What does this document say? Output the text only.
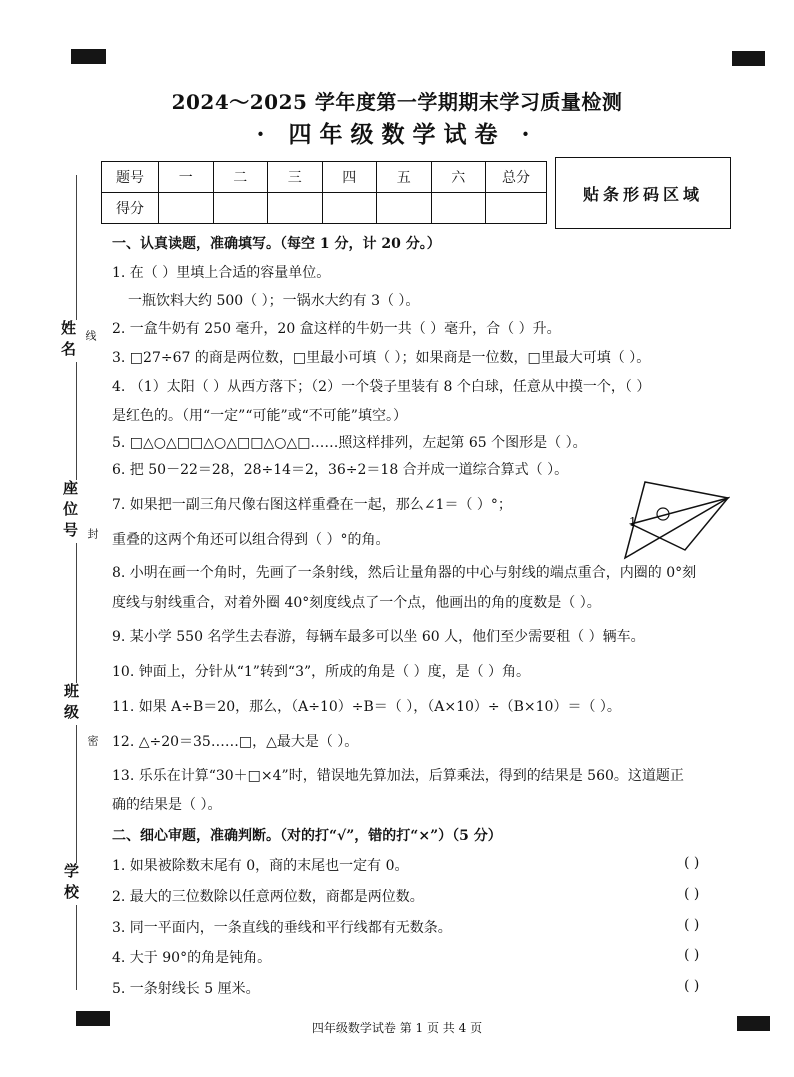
2024～2025 学年度第一学期期末学习质量检测
· 四年级数学试卷 ·
题号	一	二	三	四	五	六	总分
得分							
贴条形码区域
姓名 线
座位号 封
班级
密
学校
一、认真读题，准确填写。（每空 1 分，计 20 分。）
1. 在（ ）里填上合适的容量单位。
一瓶饮料大约 500（ ）；一锅水大约有 3（ ）。
2. 一盒牛奶有 250 毫升，20 盒这样的牛奶一共（ ）毫升，合（ ）升。
3. □27÷67 的商是两位数，□里最小可填（ ）；如果商是一位数，□里最大可填（ ）。
4. （1）太阳（ ）从西方落下；（2）一个袋子里装有 8 个白球，任意从中摸一个，（ ）
是红色的。（用“一定”“可能”或“不可能”填空。）
5. □△○△□□△○△□□△○△□……照这样排列，左起第 65 个图形是（ ）。
6. 把 50－22＝28，28÷14＝2，36÷2＝18 合并成一道综合算式（ ）。
7. 如果把一副三角尺像右图这样重叠在一起，那么∠1＝（ ）°；
重叠的这两个角还可以组合得到（ ）°的角。
8. 小明在画一个角时，先画了一条射线，然后让量角器的中心与射线的端点重合，内圈的 0°刻
度线与射线重合，对着外圈 40°刻度线点了一个点，他画出的角的度数是（ ）。
9. 某小学 550 名学生去春游，每辆车最多可以坐 60 人，他们至少需要租（ ）辆车。
10. 钟面上，分针从“1”转到“3”，所成的角是（ ）度，是（ ）角。
11. 如果 A÷B＝20，那么，（A÷10）÷B＝（ ），（A×10）÷（B×10）＝（ ）。
12. △÷20＝35……□，△最大是（ ）。
13. 乐乐在计算“30＋□×4”时，错误地先算加法，后算乘法，得到的结果是 560。这道题正
确的结果是（ ）。
1
二、细心审题，准确判断。（对的打“√”，错的打“×”）（5 分）
1. 如果被除数末尾有 0，商的末尾也一定有 0。	( )
2. 最大的三位数除以任意两位数，商都是两位数。	( )
3. 同一平面内，一条直线的垂线和平行线都有无数条。	( )
4. 大于 90°的角是钝角。	( )
5. 一条射线长 5 厘米。	( )
四年级数学试卷 第 1 页 共 4 页
